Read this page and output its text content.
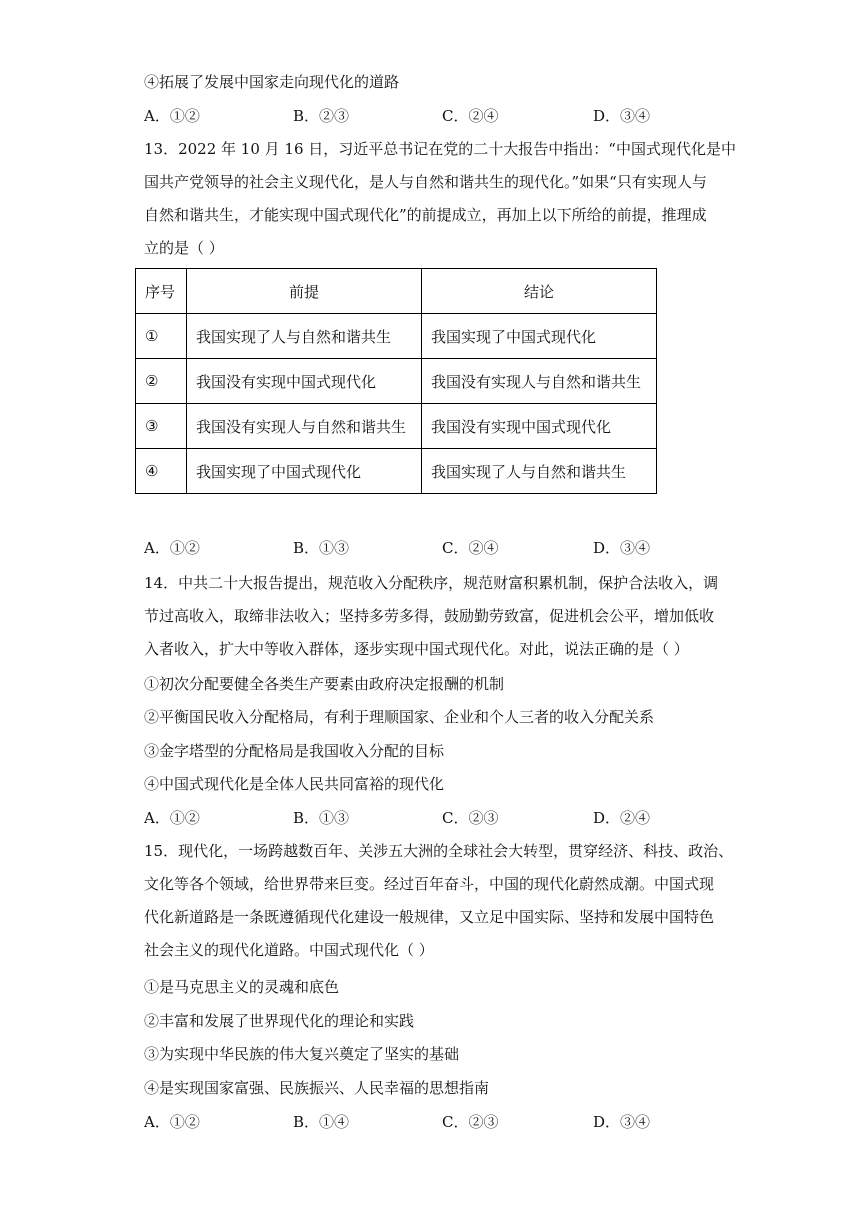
④拓展了发展中国家走向现代化的道路
A．①②	B．②③	C．②④	D．③④
13．2022 年 10 月 16 日，习近平总书记在党的二十大报告中指出：“中国式现代化是中
国共产党领导的社会主义现代化，是人与自然和谐共生的现代化。”如果“只有实现人与
自然和谐共生，才能实现中国式现代化”的前提成立，再加上以下所给的前提，推理成
立的是（ ）
序号	前提	结论
①	我国实现了人与自然和谐共生	我国实现了中国式现代化
②	我国没有实现中国式现代化	我国没有实现人与自然和谐共生
③	我国没有实现人与自然和谐共生	我国没有实现中国式现代化
④	我国实现了中国式现代化	我国实现了人与自然和谐共生
A．①②	B．①③	C．②④	D．③④
14．中共二十大报告提出，规范收入分配秩序，规范财富积累机制，保护合法收入，调
节过高收入，取缔非法收入；坚持多劳多得，鼓励勤劳致富，促进机会公平，增加低收
入者收入，扩大中等收入群体，逐步实现中国式现代化。对此，说法正确的是（ ）
①初次分配要健全各类生产要素由政府决定报酬的机制
②平衡国民收入分配格局，有利于理顺国家、企业和个人三者的收入分配关系
③金字塔型的分配格局是我国收入分配的目标
④中国式现代化是全体人民共同富裕的现代化
A．①②	B．①③	C．②③	D．②④
15．现代化，一场跨越数百年、关涉五大洲的全球社会大转型，贯穿经济、科技、政治、
文化等各个领域，给世界带来巨变。经过百年奋斗，中国的现代化蔚然成潮。中国式现
代化新道路是一条既遵循现代化建设一般规律，又立足中国实际、坚持和发展中国特色
社会主义的现代化道路。中国式现代化（ ）
①是马克思主义的灵魂和底色
②丰富和发展了世界现代化的理论和实践
③为实现中华民族的伟大复兴奠定了坚实的基础
④是实现国家富强、民族振兴、人民幸福的思想指南
A．①②	B．①④	C．②③	D．③④
